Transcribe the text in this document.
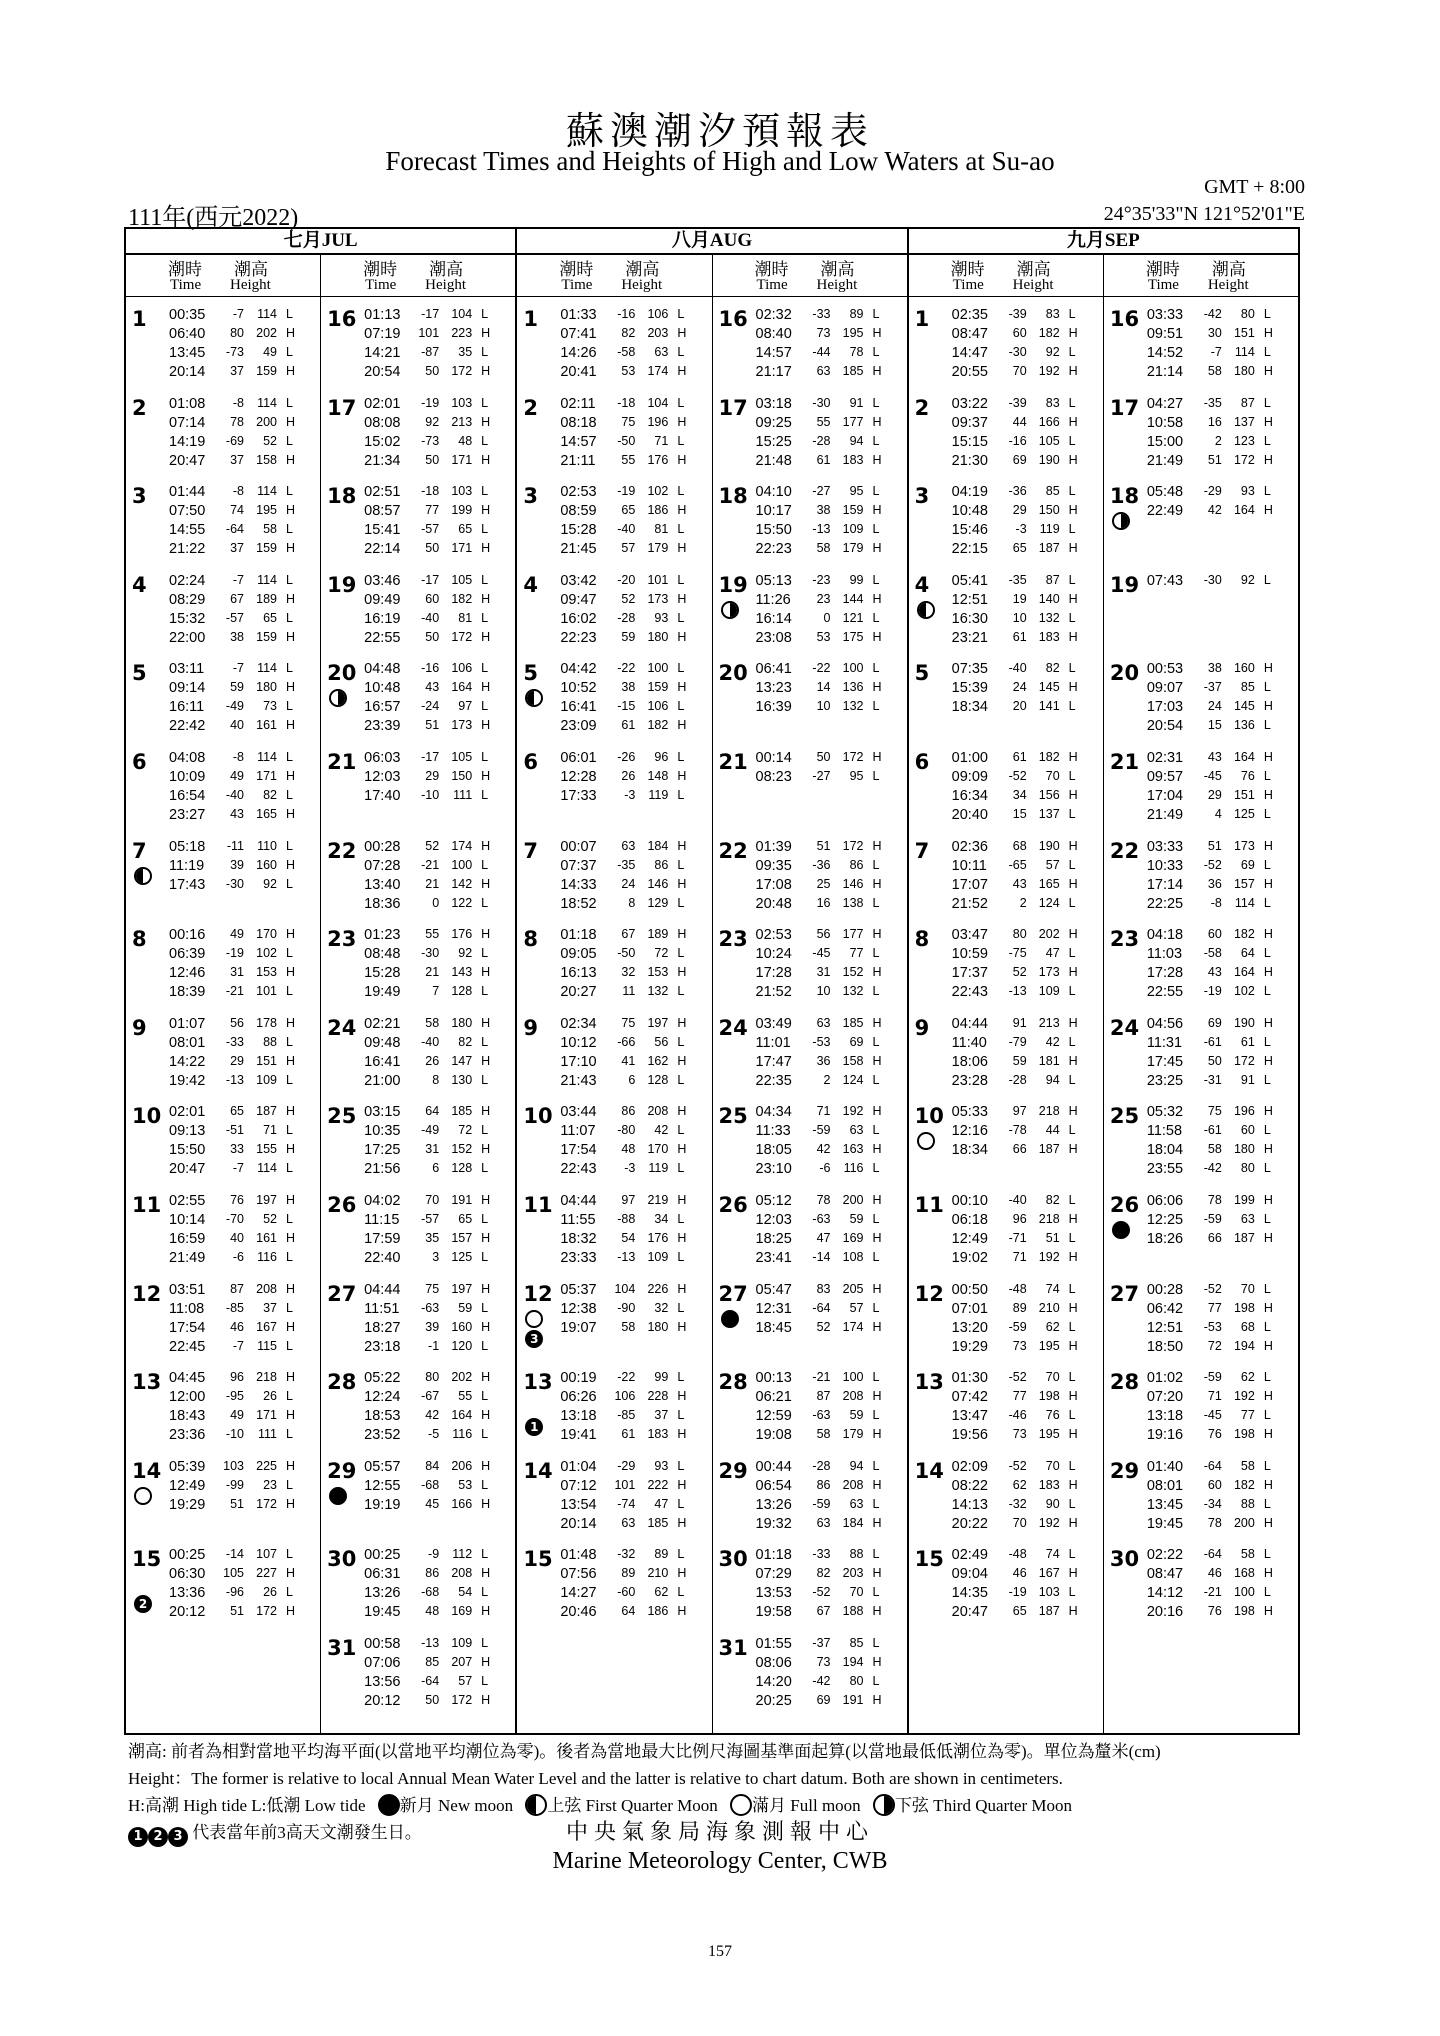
蘇澳潮汐預報表
Forecast Times and Heights of High and Low Waters at Su-ao
GMT + 8:00
111年(西元2022)	24°35'33"N 121°52'01"E
七月JUL
潮時 潮高
Time Height
1 00:35	-7	114 L
06:40	80 202 H
13:45	-73	49 L
20:14	37 159 H
2 01:08	-8	114 L
07:14	78 200 H
14:19	-69	52 L
20:47	37 158 H
3 01:44	-8	114 L
07:50	74 195 H
14:55	-64	58 L
21:22	37 159 H
4 02:24	-7	114 L
08:29	67 189 H
15:32	-57	65 L
22:00	38 159 H
5 03:11	-7	114 L
09:14	59 180 H
16:11	-49	73 L
22:42	40 161 H
6 04:08	-8	114 L
10:09	49 171 H
16:54	-40	82 L
23:27	43 165 H
7 05:18	-11	110 L
11:19	39 160 H
17:43	-30	92 L
8 00:16	49 170 H
06:39	-19 102 L
12:46	31 153 H
18:39	-21 101 L
9 01:07	56 178 H
08:01	-33	88 L
14:22	29 151 H
19:42	-13 109 L
10 02:01	65 187 H
09:13	-51	71 L
15:50	33 155 H
20:47	-7	114 L
11 02:55	76 197 H
10:14	-70	52 L
16:59	40 161 H
21:49	-6	116 L
12 03:51	87 208 H
11:08	-85	37 L
17:54	46 167 H
22:45	-7	115 L
13 04:45	96 218 H
12:00	-95	26 L
18:43	49 171 H
23:36	-10	111 L
14 05:39	103 225 H
12:49	-99	23 L
19:29	51 172 H
15
2
00:25	-14 107 L
06:30	105 227 H
13:36	-96	26 L
20:12	51 172 H
潮時 潮高
Time Height
16 01:13	-17 104 L
07:19	101 223 H
14:21	-87	35 L
20:54	50 172 H
17 02:01	-19 103 L
08:08	92 213 H
15:02	-73	48 L
21:34	50 171 H
18 02:51	-18 103 L
08:57	77 199 H
15:41	-57	65 L
22:14	50 171 H
19 03:46	-17 105 L
09:49	60 182 H
16:19	-40	81 L
22:55	50 172 H
20 04:48	-16 106 L
10:48	43 164 H
16:57	-24	97 L
23:39	51 173 H
21 06:03	-17 105 L
12:03	29 150 H
17:40	-10	111 L
22 00:28	52 174 H
07:28	-21 100 L
13:40	21 142 H
18:36	0 122 L
23 01:23	55 176 H
08:48	-30	92 L
15:28	21 143 H
19:49	7 128 L
24 02:21	58 180 H
09:48	-40	82 L
16:41	26 147 H
21:00	8 130 L
25 03:15	64 185 H
10:35	-49	72 L
17:25	31 152 H
21:56	6 128 L
26 04:02	70 191 H
11:15	-57	65 L
17:59	35 157 H
22:40	3 125 L
27 04:44	75 197 H
11:51	-63	59 L
18:27	39 160 H
23:18	-1 120 L
28 05:22	80 202 H
12:24	-67	55 L
18:53	42 164 H
23:52	-5	116 L
29 05:57	84 206 H
12:55	-68	53 L
19:19	45 166 H
30 00:25	-9	112 L
06:31	86 208 H
13:26	-68	54 L
19:45	48 169 H
31 00:58	-13 109 L
07:06	85 207 H
13:56	-64	57 L
20:12	50 172 H
八月AUG
潮時 潮高
Time Height
1 01:33	-16 106 L
07:41	82 203 H
14:26	-58	63 L
20:41	53 174 H
2 02:11	-18 104 L
08:18	75 196 H
14:57	-50	71 L
21:11	55 176 H
3 02:53	-19 102 L
08:59	65 186 H
15:28	-40	81 L
21:45	57 179 H
4 03:42	-20 101 L
09:47	52 173 H
16:02	-28	93 L
22:23	59 180 H
5 04:42	-22 100 L
10:52	38 159 H
16:41	-15 106 L
23:09	61 182 H
6 06:01	-26	96 L
12:28	26 148 H
17:33	-3	119 L
7 00:07	63 184 H
07:37	-35	86 L
14:33	24 146 H
18:52	8 129 L
8 01:18	67 189 H
09:05	-50	72 L
16:13	32 153 H
20:27	11 132 L
9 02:34	75 197 H
10:12	-66	56 L
17:10	41 162 H
21:43	6 128 L
10 03:44	86 208 H
11:07	-80	42 L
17:54	48 170 H
22:43	-3	119 L
11 04:44	97 219 H
11:55	-88	34 L
18:32	54 176 H
23:33	-13 109 L
12
3
05:37	104 226 H
12:38	-90	32 L
19:07	58 180 H
13
1
00:19	-22	99 L
06:26	106 228 H
13:18	-85	37 L
19:41	61 183 H
14 01:04	-29	93 L
07:12	101 222 H
13:54	-74	47 L
20:14	63 185 H
15 01:48	-32	89 L
07:56	89 210 H
14:27	-60	62 L
20:46	64 186 H
潮時 潮高
Time Height
16 02:32	-33	89 L
08:40	73 195 H
14:57	-44	78 L
21:17	63 185 H
17 03:18	-30	91 L
09:25	55 177 H
15:25	-28	94 L
21:48	61 183 H
18 04:10	-27	95 L
10:17	38 159 H
15:50	-13 109 L
22:23	58 179 H
19 05:13	-23	99 L
11:26	23 144 H
16:14	0 121 L
23:08	53 175 H
20 06:41	-22 100 L
13:23	14 136 H
16:39	10 132 L
21 00:14	50 172 H
08:23	-27	95 L
22 01:39	51 172 H
09:35	-36	86 L
17:08	25 146 H
20:48	16 138 L
23 02:53	56 177 H
10:24	-45	77 L
17:28	31 152 H
21:52	10 132 L
24 03:49	63 185 H
11:01	-53	69 L
17:47	36 158 H
22:35	2 124 L
25 04:34	71 192 H
11:33	-59	63 L
18:05	42 163 H
23:10	-6	116 L
26 05:12	78 200 H
12:03	-63	59 L
18:25	47 169 H
23:41	-14 108 L
27 05:47	83 205 H
12:31	-64	57 L
18:45	52 174 H
28 00:13	-21 100 L
06:21	87 208 H
12:59	-63	59 L
19:08	58 179 H
29 00:44	-28	94 L
06:54	86 208 H
13:26	-59	63 L
19:32	63 184 H
30 01:18	-33	88 L
07:29	82 203 H
13:53	-52	70 L
19:58	67 188 H
31 01:55	-37	85 L
08:06	73 194 H
14:20	-42	80 L
20:25	69 191 H
九月SEP
潮時 潮高
Time Height
1 02:35	-39	83 L
08:47	60 182 H
14:47	-30	92 L
20:55	70 192 H
2 03:22	-39	83 L
09:37	44 166 H
15:15	-16 105 L
21:30	69 190 H
3 04:19	-36	85 L
10:48	29 150 H
15:46	-3	119 L
22:15	65 187 H
4 05:41	-35	87 L
12:51	19 140 H
16:30	10 132 L
23:21	61 183 H
5 07:35	-40	82 L
15:39	24 145 H
18:34	20 141 L
6 01:00	61 182 H
09:09	-52	70 L
16:34	34 156 H
20:40	15 137 L
7 02:36	68 190 H
10:11	-65	57 L
17:07	43 165 H
21:52	2 124 L
8 03:47	80 202 H
10:59	-75	47 L
17:37	52 173 H
22:43	-13 109 L
9 04:44	91 213 H
11:40	-79	42 L
18:06	59 181 H
23:28	-28	94 L
10 05:33	97 218 H
12:16	-78	44 L
18:34	66 187 H
11 00:10	-40	82 L
06:18	96 218 H
12:49	-71	51 L
19:02	71 192 H
12 00:50	-48	74 L
07:01	89 210 H
13:20	-59	62 L
19:29	73 195 H
13 01:30	-52	70 L
07:42	77 198 H
13:47	-46	76 L
19:56	73 195 H
14 02:09	-52	70 L
08:22	62 183 H
14:13	-32	90 L
20:22	70 192 H
15 02:49	-48	74 L
09:04	46 167 H
14:35	-19 103 L
20:47	65 187 H
潮時 潮高
Time Height
16 03:33	-42	80 L
09:51	30 151 H
14:52	-7	114 L
21:14	58 180 H
17 04:27	-35	87 L
10:58	16 137 H
15:00	2 123 L
21:49	51 172 H
18 05:48	-29	93 L
22:49	42 164 H
19 07:43	-30	92 L
20 00:53	38 160 H
09:07	-37	85 L
17:03	24 145 H
20:54	15 136 L
21 02:31	43 164 H
09:57	-45	76 L
17:04	29 151 H
21:49	4 125 L
22 03:33	51 173 H
10:33	-52	69 L
17:14	36 157 H
22:25	-8	114 L
23 04:18	60 182 H
11:03	-58	64 L
17:28	43 164 H
22:55	-19 102 L
24 04:56	69 190 H
11:31	-61	61 L
17:45	50 172 H
23:25	-31	91 L
25 05:32	75 196 H
11:58	-61	60 L
18:04	58 180 H
23:55	-42	80 L
26 06:06	78 199 H
12:25	-59	63 L
18:26	66 187 H
27 00:28	-52	70 L
06:42	77 198 H
12:51	-53	68 L
18:50	72 194 H
28 01:02	-59	62 L
07:20	71 192 H
13:18	-45	77 L
19:16	76 198 H
29 01:40	-64	58 L
08:01	60 182 H
13:45	-34	88 L
19:45	78 200 H
30 02:22	-64	58 L
08:47	46 168 H
14:12	-21 100 L
20:16	76 198 H
潮高: 前者為相對當地平均海平面(以當地平均潮位為零)。後者為當地最大比例尺海圖基準面起算(以當地最低低潮位為零)。單位為釐米(cm)
Height：The former is relative to local Annual Mean Water Level and the latter is relative to chart datum. Both are shown in centimeters.
H:高潮 High tide L:低潮 Low tide 新月 New moon 上弦 First Quarter Moon 滿月 Full moon 下弦 Third Quarter Moon
1 2 3 代表當年前3高天文潮發生日。	中央氣象局海象測報中心
Marine Meteorology Center, CWB
157
